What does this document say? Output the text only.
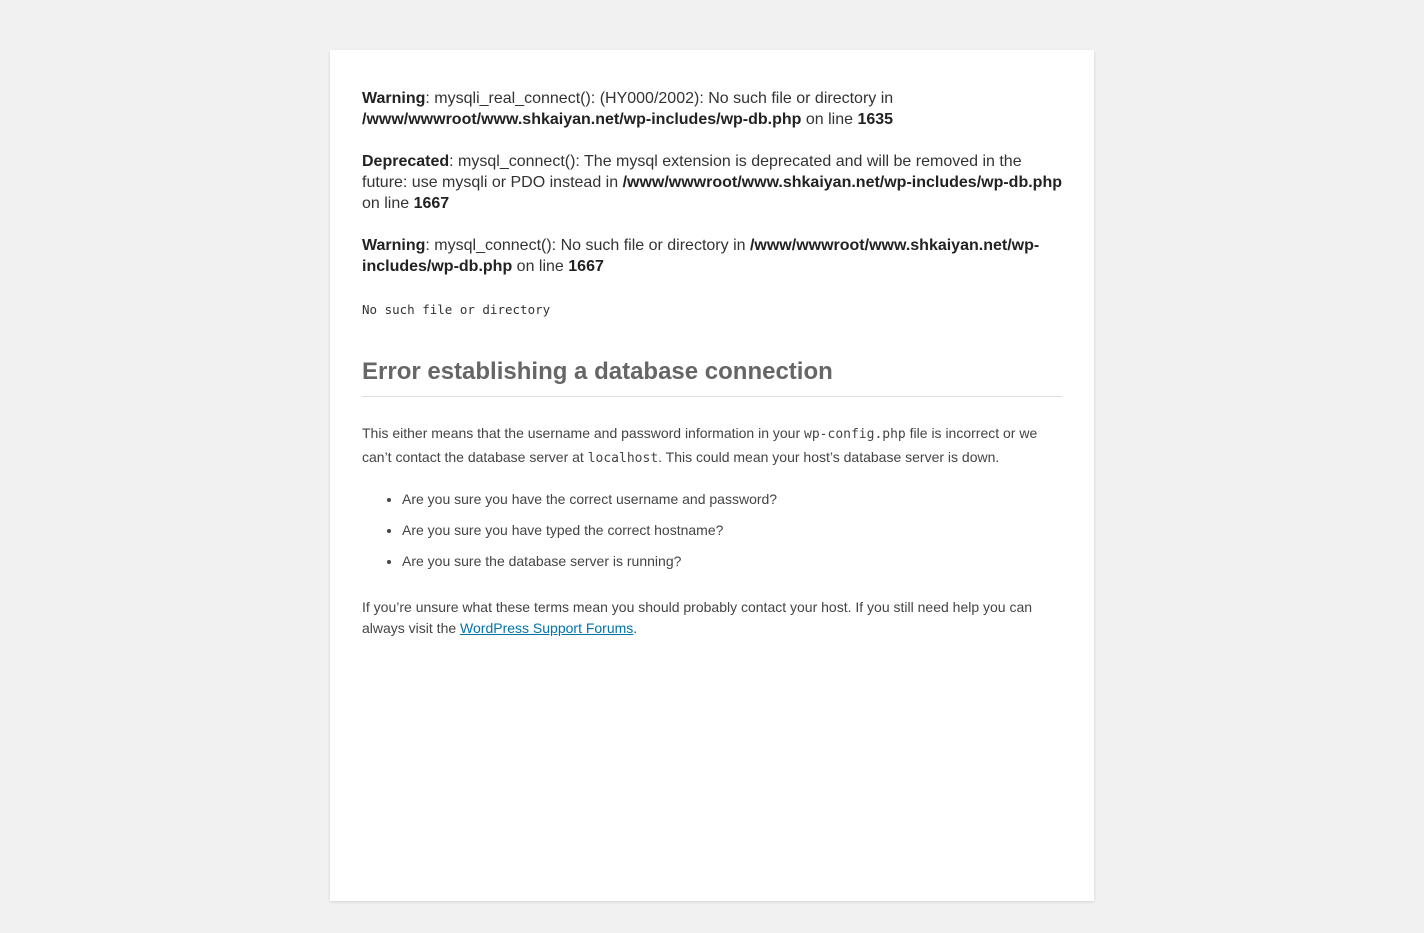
Warning: mysqli_real_connect(): (HY000/2002): No such file or directory in /www/wwwroot/www.shkaiyan.net/wp-includes/wp-db.php on line 1635
Deprecated: mysql_connect(): The mysql extension is deprecated and will be removed in the future: use mysqli or PDO instead in /www/wwwroot/www.shkaiyan.net/wp-includes/wp-db.php on line 1667
Warning: mysql_connect(): No such file or directory in /www/wwwroot/www.shkaiyan.net/wp-includes/wp-db.php on line 1667
No such file or directory
Error establishing a database connection

This either means that the username and password information in your wp-config.php file is incorrect or we can’t contact the database server at localhost. This could mean your host’s database server is down.

• Are you sure you have the correct username and password?
• Are you sure you have typed the correct hostname?
• Are you sure the database server is running?

If you’re unsure what these terms mean you should probably contact your host. If you still need help you can always visit the WordPress Support Forums.
